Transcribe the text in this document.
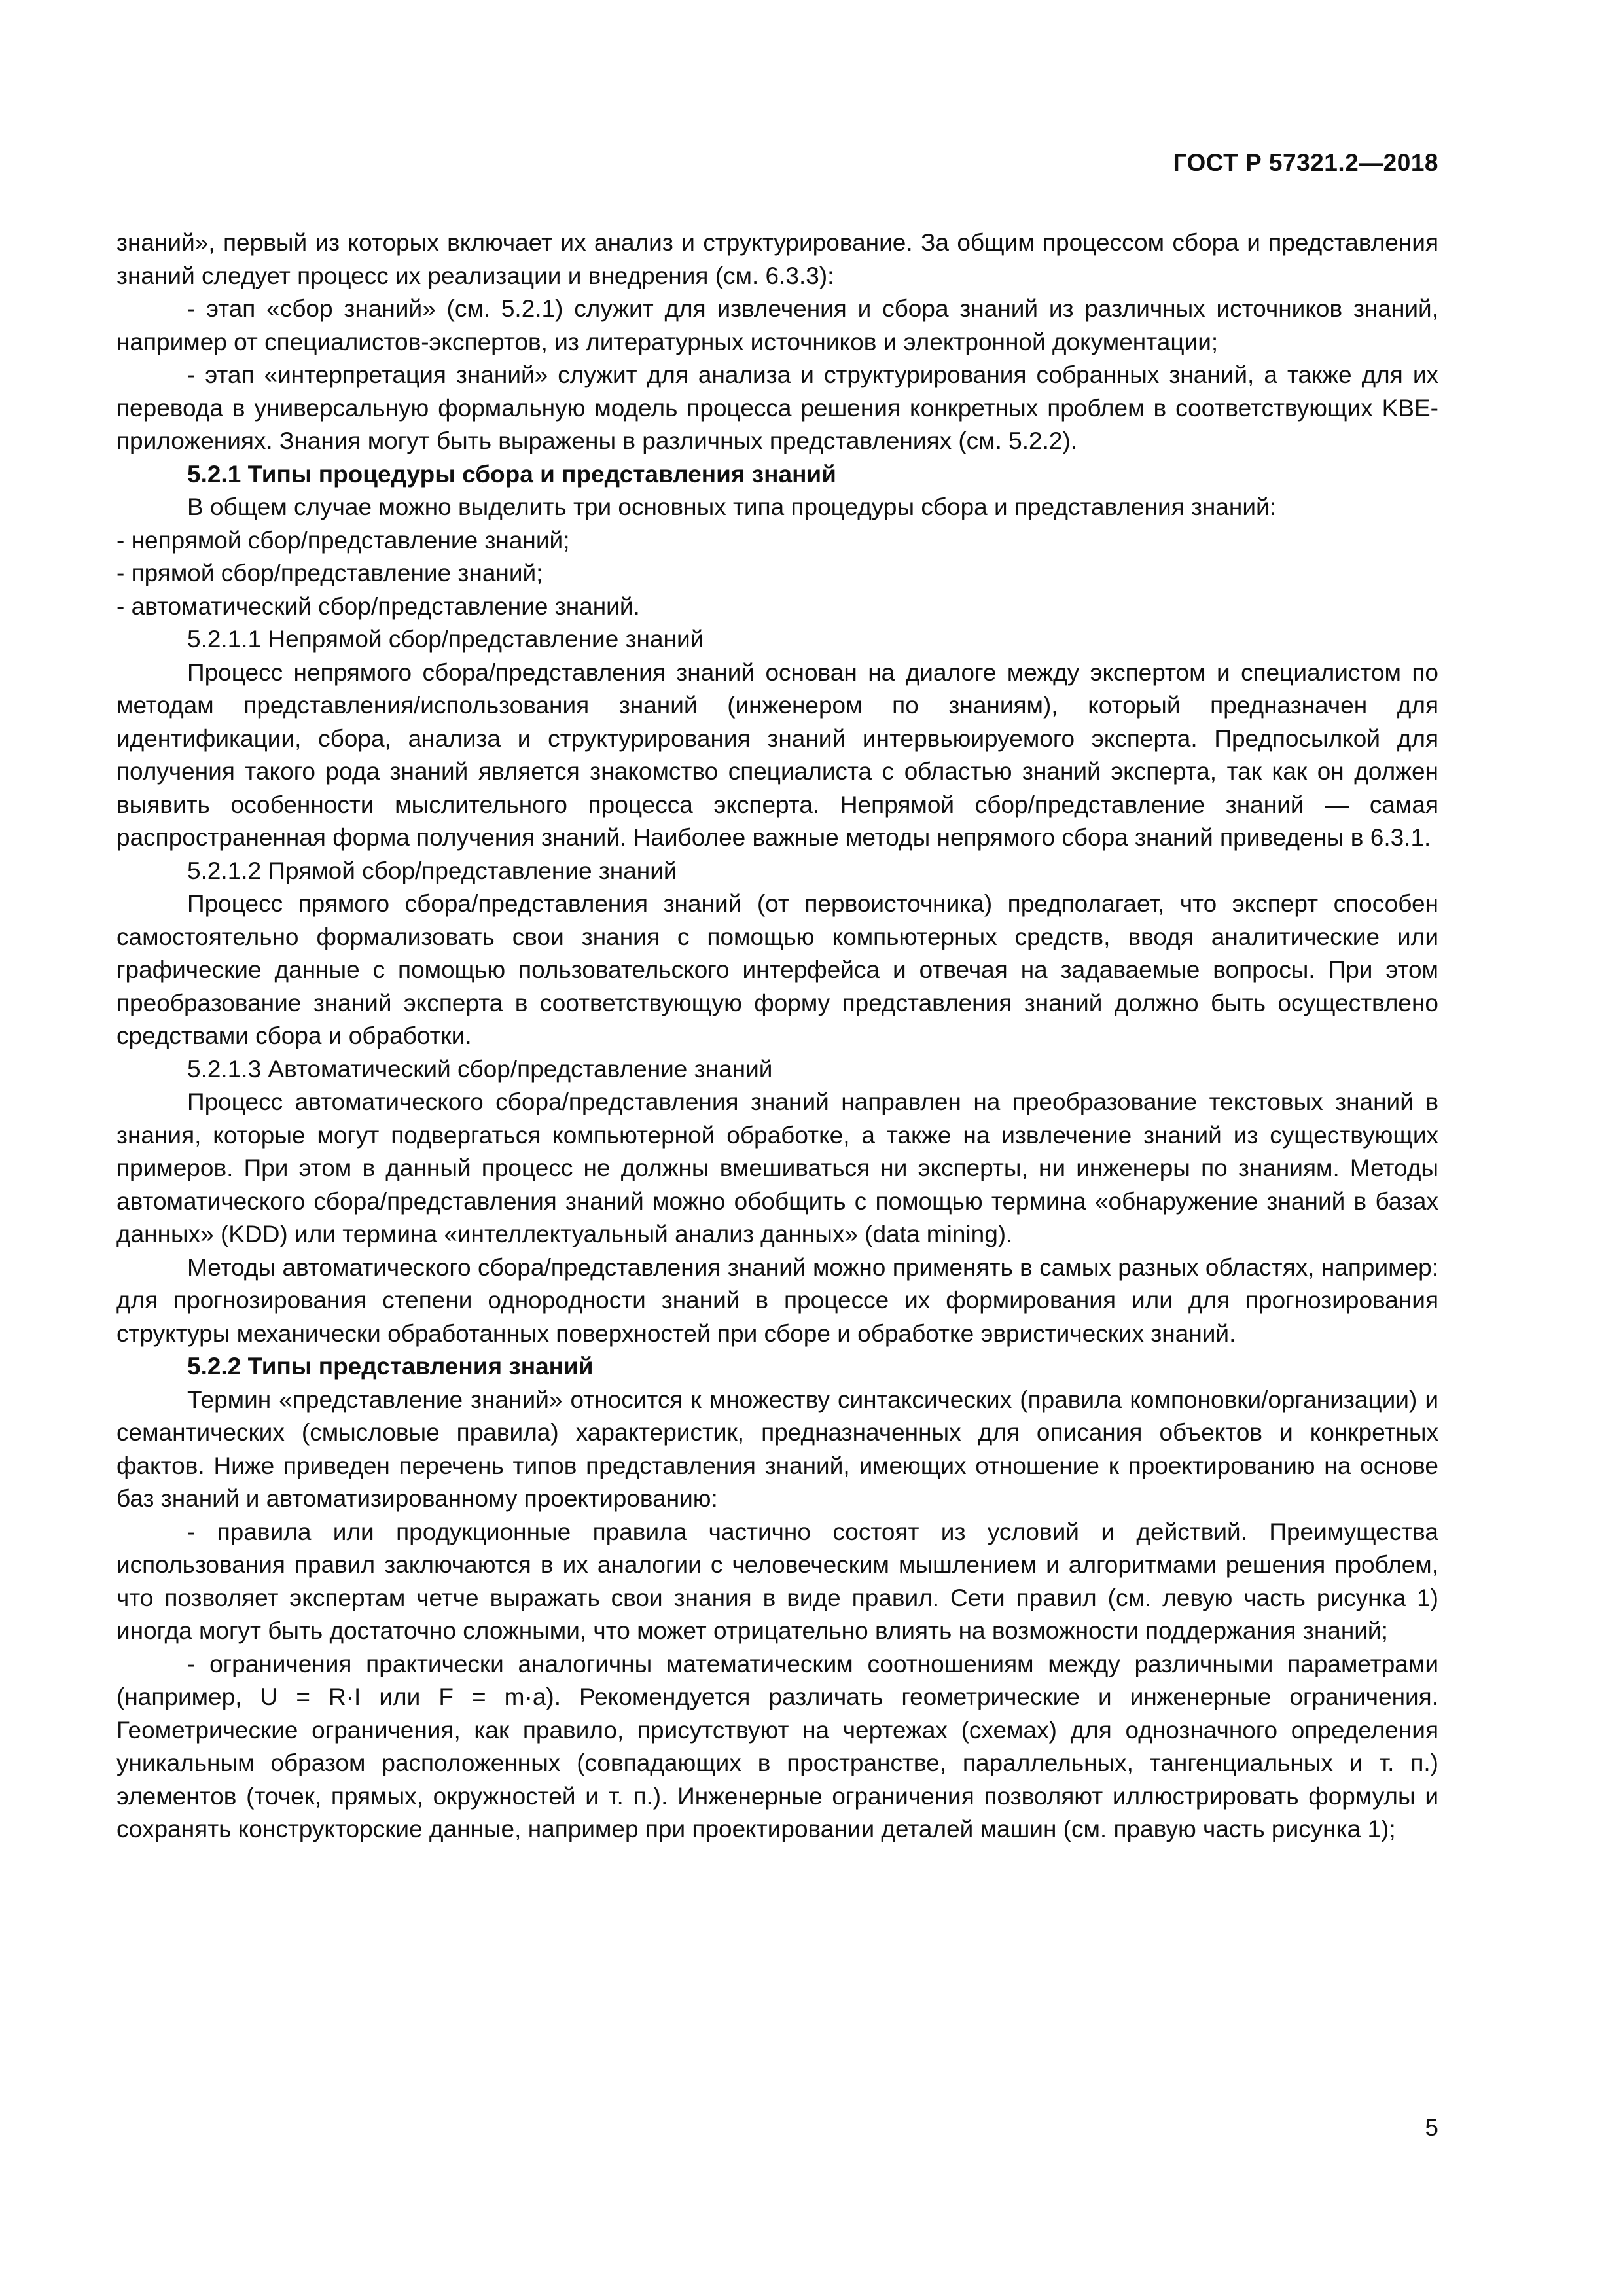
ГОСТ Р 57321.2—2018

знаний», первый из которых включает их анализ и структурирование. За общим процессом сбора и представления знаний следует процесс их реализации и внедрения (см. 6.3.3):

- этап «сбор знаний» (см. 5.2.1) служит для извлечения и сбора знаний из различных источников знаний, например от специалистов-экспертов, из литературных источников и электронной документации;

- этап «интерпретация знаний» служит для анализа и структурирования собранных знаний, а также для их перевода в универсальную формальную модель процесса решения конкретных проблем в соответствующих KBE-приложениях. Знания могут быть выражены в различных представлениях (см. 5.2.2).

5.2.1 Типы процедуры сбора и представления знаний

В общем случае можно выделить три основных типа процедуры сбора и представления знаний:

- непрямой сбор/представление знаний;

- прямой сбор/представление знаний;

- автоматический сбор/представление знаний.

5.2.1.1 Непрямой сбор/представление знаний

Процесс непрямого сбора/представления знаний основан на диалоге между экспертом и специалистом по методам представления/использования знаний (инженером по знаниям), который предназначен для идентификации, сбора, анализа и структурирования знаний интервьюируемого эксперта. Предпосылкой для получения такого рода знаний является знакомство специалиста с областью знаний эксперта, так как он должен выявить особенности мыслительного процесса эксперта. Непрямой сбор/представление знаний — самая распространенная форма получения знаний. Наиболее важные методы непрямого сбора знаний приведены в 6.3.1.

5.2.1.2 Прямой сбор/представление знаний

Процесс прямого сбора/представления знаний (от первоисточника) предполагает, что эксперт способен самостоятельно формализовать свои знания с помощью компьютерных средств, вводя аналитические или графические данные с помощью пользовательского интерфейса и отвечая на задаваемые вопросы. При этом преобразование знаний эксперта в соответствующую форму представления знаний должно быть осуществлено средствами сбора и обработки.

5.2.1.3 Автоматический сбор/представление знаний

Процесс автоматического сбора/представления знаний направлен на преобразование текстовых знаний в знания, которые могут подвергаться компьютерной обработке, а также на извлечение знаний из существующих примеров. При этом в данный процесс не должны вмешиваться ни эксперты, ни инженеры по знаниям. Методы автоматического сбора/представления знаний можно обобщить с помощью термина «обнаружение знаний в базах данных» (KDD) или термина «интеллектуальный анализ данных» (data mining).

Методы автоматического сбора/представления знаний можно применять в самых разных областях, например: для прогнозирования степени однородности знаний в процессе их формирования или для прогнозирования структуры механически обработанных поверхностей при сборе и обработке эвристических знаний.

5.2.2 Типы представления знаний

Термин «представление знаний» относится к множеству синтаксических (правила компоновки/организации) и семантических (смысловые правила) характеристик, предназначенных для описания объектов и конкретных фактов. Ниже приведен перечень типов представления знаний, имеющих отношение к проектированию на основе баз знаний и автоматизированному проектированию:

- правила или продукционные правила частично состоят из условий и действий. Преимущества использования правил заключаются в их аналогии с человеческим мышлением и алгоритмами решения проблем, что позволяет экспертам четче выражать свои знания в виде правил. Сети правил (см. левую часть рисунка 1) иногда могут быть достаточно сложными, что может отрицательно влиять на возможности поддержания знаний;

- ограничения практически аналогичны математическим соотношениям между различными параметрами (например, U = R·I или F = m·a). Рекомендуется различать геометрические и инженерные ограничения. Геометрические ограничения, как правило, присутствуют на чертежах (схемах) для однозначного определения уникальным образом расположенных (совпадающих в пространстве, параллельных, тангенциальных и т. п.) элементов (точек, прямых, окружностей и т. п.). Инженерные ограничения позволяют иллюстрировать формулы и сохранять конструкторские данные, например при проектировании деталей машин (см. правую часть рисунка 1);

5
